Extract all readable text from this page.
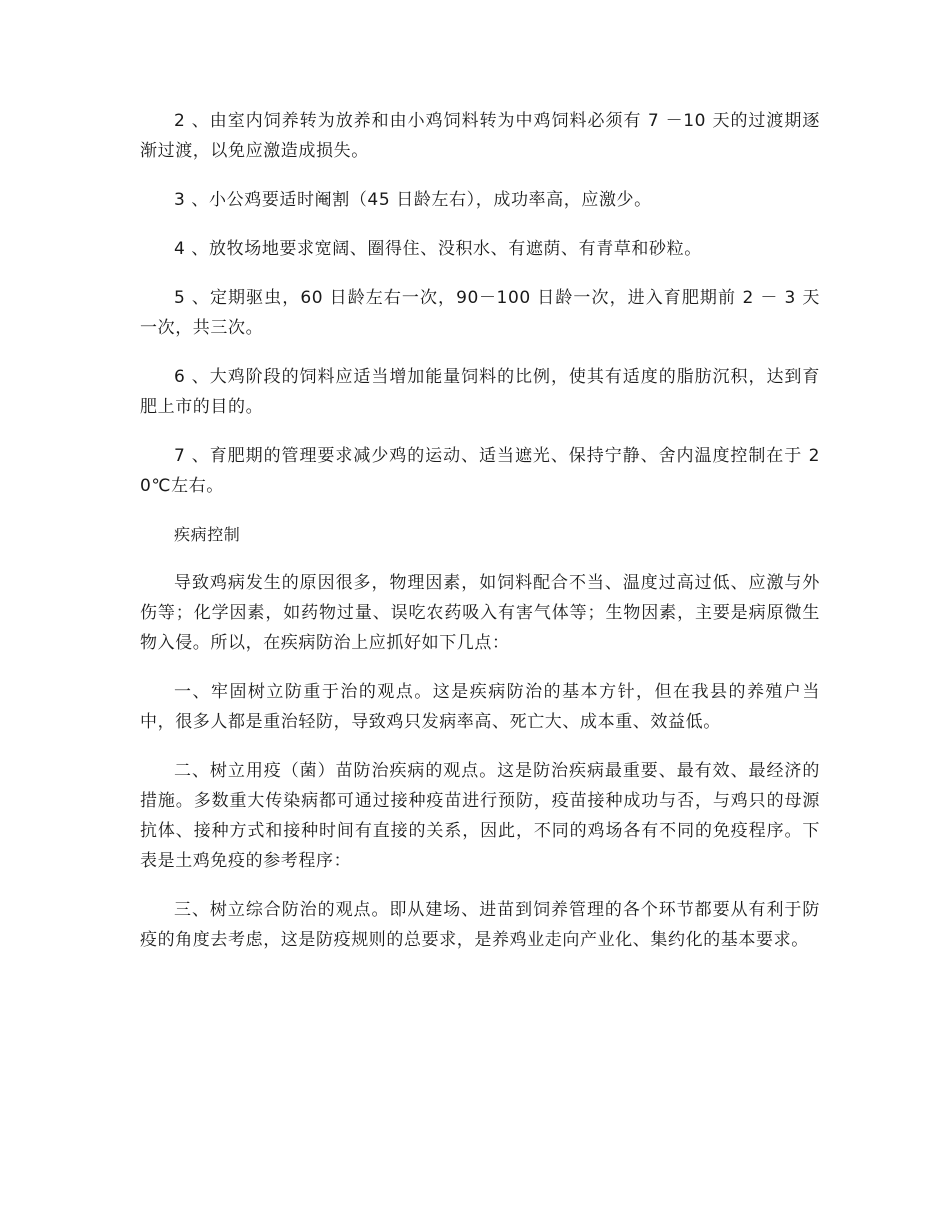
2 、由室内饲养转为放养和由小鸡饲料转为中鸡饲料必须有 7 －10 天的过渡期逐渐过渡，以免应激造成损失。

3 、小公鸡要适时阉割（45 日龄左右），成功率高，应激少。

4 、放牧场地要求宽阔、圈得住、没积水、有遮荫、有青草和砂粒。

5 、定期驱虫，60 日龄左右一次，90－100 日龄一次，进入育肥期前 2 － 3 天一次，共三次。

6 、大鸡阶段的饲料应适当增加能量饲料的比例，使其有适度的脂肪沉积，达到育肥上市的目的。

7 、育肥期的管理要求减少鸡的运动、适当遮光、保持宁静、舍内温度控制在于 20℃左右。

疾病控制

导致鸡病发生的原因很多，物理因素，如饲料配合不当、温度过高过低、应激与外伤等；化学因素，如药物过量、误吃农药吸入有害气体等；生物因素，主要是病原微生物入侵。所以，在疾病防治上应抓好如下几点：

一、牢固树立防重于治的观点。这是疾病防治的基本方针，但在我县的养殖户当中，很多人都是重治轻防，导致鸡只发病率高、死亡大、成本重、效益低。

二、树立用疫（菌）苗防治疾病的观点。这是防治疾病最重要、最有效、最经济的措施。多数重大传染病都可通过接种疫苗进行预防，疫苗接种成功与否，与鸡只的母源抗体、接种方式和接种时间有直接的关系，因此，不同的鸡场各有不同的免疫程序。下表是土鸡免疫的参考程序：

三、树立综合防治的观点。即从建场、进苗到饲养管理的各个环节都要从有利于防疫的角度去考虑，这是防疫规则的总要求，是养鸡业走向产业化、集约化的基本要求。
